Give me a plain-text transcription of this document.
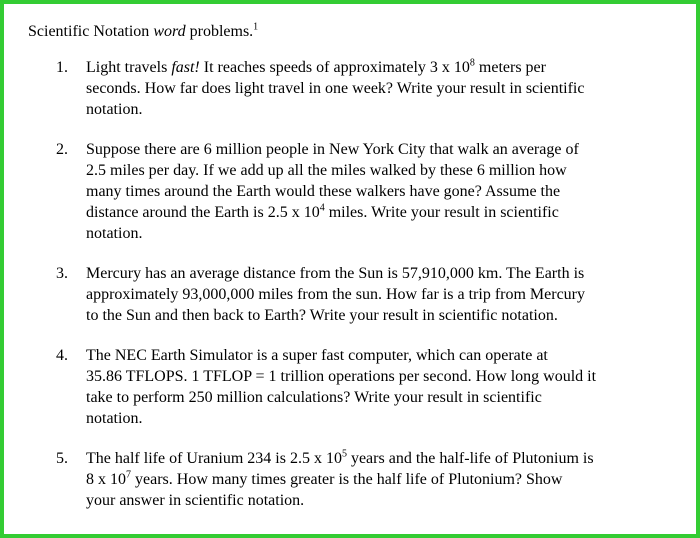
Scientific Notation word problems.$^1$
1. Light travels fast! It reaches speeds of approximately 3 x $10^8$ meters per
seconds. How far does light travel in one week? Write your result in scientific
notation.
2. Suppose there are 6 million people in New York City that walk an average of
2.5 miles per day. If we add up all the miles walked by these 6 million how
many times around the Earth would these walkers have gone? Assume the
distance around the Earth is 2.5 x $10^4$ miles. Write your result in scientific
notation.
3. Mercury has an average distance from the Sun is 57,910,000 km. The Earth is
approximately 93,000,000 miles from the sun. How far is a trip from Mercury
to the Sun and then back to Earth? Write your result in scientific notation.
4. The NEC Earth Simulator is a super fast computer, which can operate at
35.86 TFLOPS. 1 TFLOP = 1 trillion operations per second. How long would it
take to perform 250 million calculations? Write your result in scientific
notation.
5. The half life of Uranium 234 is 2.5 x $10^5$ years and the half-life of Plutonium is
8 x $10^7$ years. How many times greater is the half life of Plutonium? Show
your answer in scientific notation.
